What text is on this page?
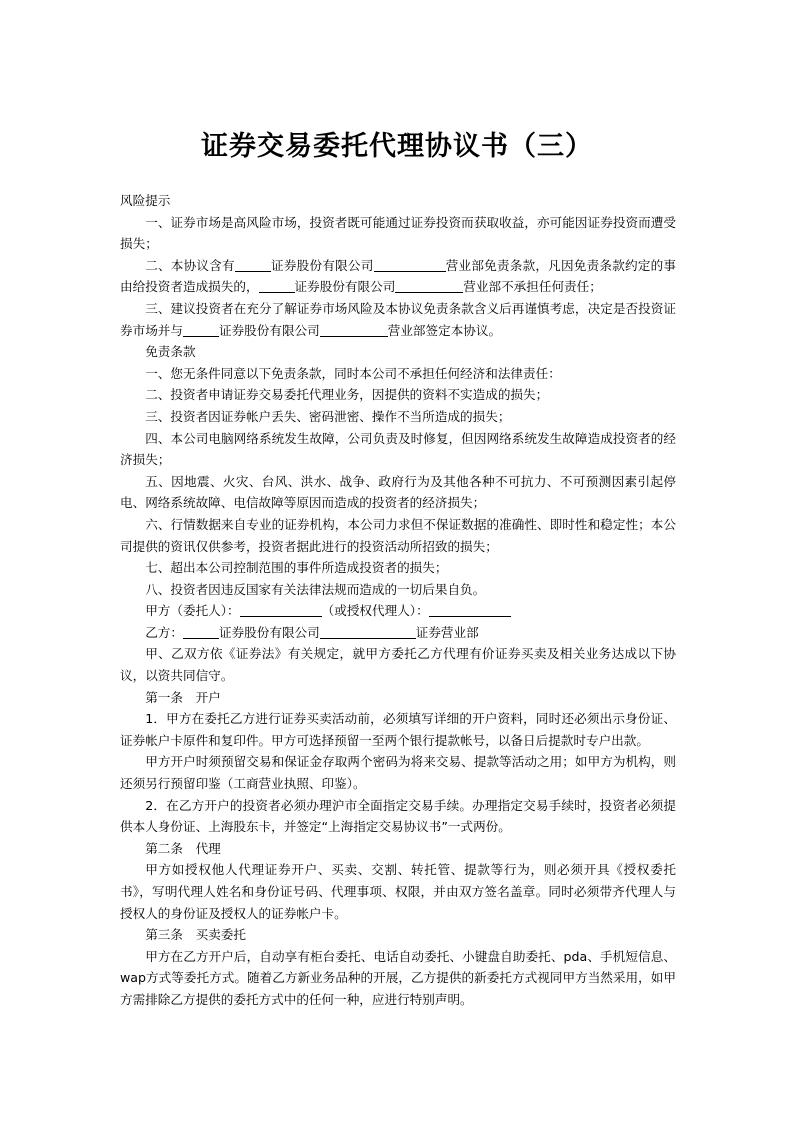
证券交易委托代理协议书（三）

风险提示

一、证券市场是高风险市场，投资者既可能通过证券投资而获取收益，亦可能因证券投资而遭受损失；

二、本协议含有	证券股份有限公司	营业部免责条款，凡因免责条款约定的事由给投资者造成损失的，	证券股份有限公司	营业部不承担任何责任；

三、建议投资者在充分了解证券市场风险及本协议免责条款含义后再谨慎考虑，决定是否投资证券市场并与	证券股份有限公司	营业部签定本协议。

免责条款

一、您无条件同意以下免责条款，同时本公司不承担任何经济和法律责任：

二、投资者申请证券交易委托代理业务，因提供的资料不实造成的损失；

三、投资者因证券帐户丢失、密码泄密、操作不当所造成的损失；

四、本公司电脑网络系统发生故障，公司负责及时修复，但因网络系统发生故障造成投资者的经济损失；

五、因地震、火灾、台风、洪水、战争、政府行为及其他各种不可抗力、不可预测因素引起停电、网络系统故障、电信故障等原因而造成的投资者的经济损失；

六、行情数据来自专业的证券机构，本公司力求但不保证数据的准确性、即时性和稳定性；本公司提供的资讯仅供参考，投资者据此进行的投资活动所招致的损失；

七、超出本公司控制范围的事件所造成投资者的损失；

八、投资者因违反国家有关法律法规而造成的一切后果自负。

甲方（委托人）：	（或授权代理人）：

乙方：	证券股份有限公司	证券营业部

甲、乙双方依《证券法》有关规定，就甲方委托乙方代理有价证券买卖及相关业务达成以下协议，以资共同信守。

第一条　开户

1．甲方在委托乙方进行证券买卖活动前，必须填写详细的开户资料，同时还必须出示身份证、证券帐户卡原件和复印件。甲方可选择预留一至两个银行提款帐号，以备日后提款时专户出款。

甲方开户时须预留交易和保证金存取两个密码为将来交易、提款等活动之用；如甲方为机构，则还须另行预留印鉴（工商营业执照、印鉴）。

2．在乙方开户的投资者必须办理沪市全面指定交易手续。办理指定交易手续时，投资者必须提供本人身份证、上海股东卡，并签定“上海指定交易协议书”一式两份。

第二条　代理

甲方如授权他人代理证券开户、买卖、交割、转托管、提款等行为，则必须开具《授权委托书》，写明代理人姓名和身份证号码、代理事项、权限，并由双方签名盖章。同时必须带齐代理人与授权人的身份证及授权人的证券帐户卡。

第三条　买卖委托

甲方在乙方开户后，自动享有柜台委托、电话自动委托、小键盘自助委托、pda、手机短信息、wap方式等委托方式。随着乙方新业务品种的开展，乙方提供的新委托方式视同甲方当然采用，如甲方需排除乙方提供的委托方式中的任何一种，应进行特别声明。
